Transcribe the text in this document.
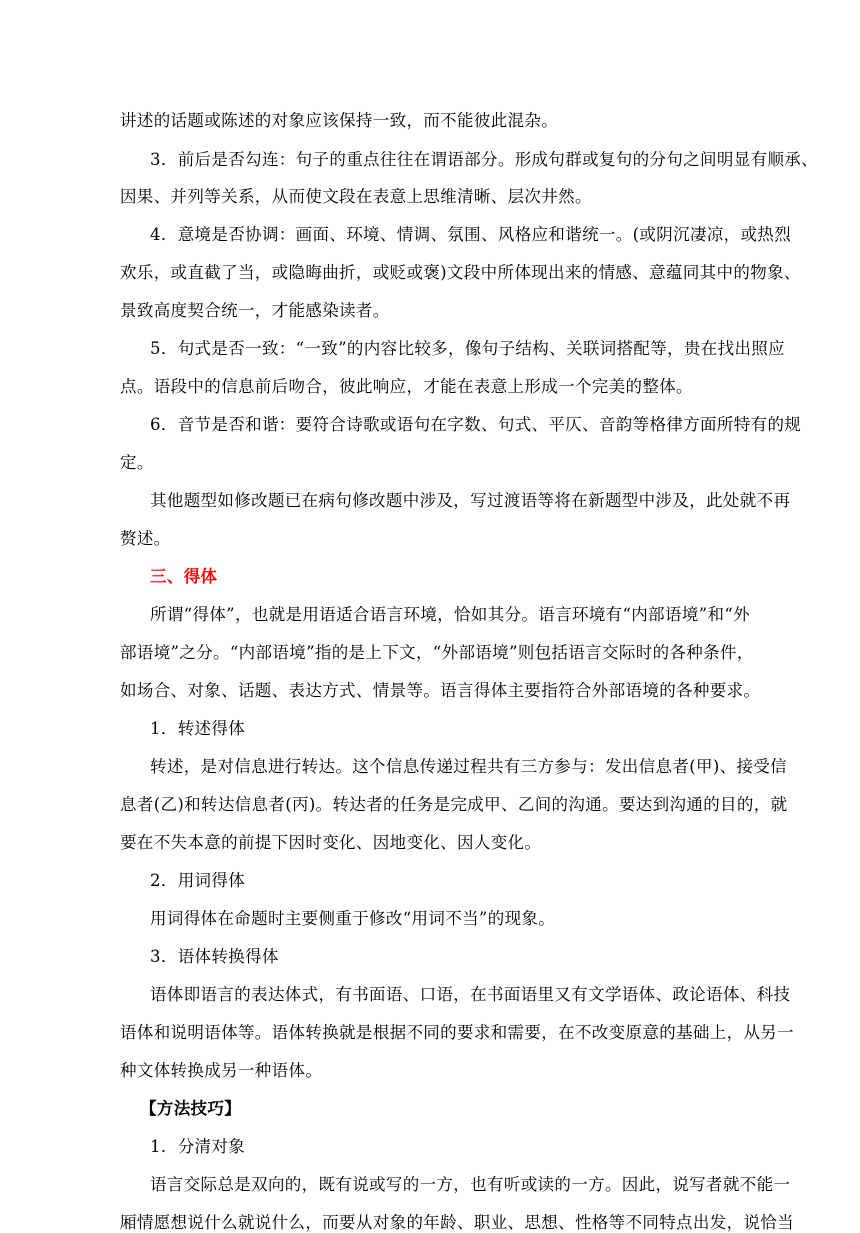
讲述的话题或陈述的对象应该保持一致，而不能彼此混杂。
3．前后是否勾连：句子的重点往往在谓语部分。形成句群或复句的分句之间明显有顺承、
因果、并列等关系，从而使文段在表意上思维清晰、层次井然。
4．意境是否协调：画面、环境、情调、氛围、风格应和谐统一。(或阴沉凄凉，或热烈
欢乐，或直截了当，或隐晦曲折，或贬或褒)文段中所体现出来的情感、意蕴同其中的物象、
景致高度契合统一，才能感染读者。
5．句式是否一致：“一致”的内容比较多，像句子结构、关联词搭配等，贵在找出照应
点。语段中的信息前后吻合，彼此响应，才能在表意上形成一个完美的整体。
6．音节是否和谐：要符合诗歌或语句在字数、句式、平仄、音韵等格律方面所特有的规
定。
其他题型如修改题已在病句修改题中涉及，写过渡语等将在新题型中涉及，此处就不再
赘述。
三、得体
所谓“得体”，也就是用语适合语言环境，恰如其分。语言环境有“内部语境”和“外
部语境”之分。“内部语境”指的是上下文，“外部语境”则包括语言交际时的各种条件，
如场合、对象、话题、表达方式、情景等。语言得体主要指符合外部语境的各种要求。
1．转述得体
转述，是对信息进行转达。这个信息传递过程共有三方参与：发出信息者(甲)、接受信
息者(乙)和转达信息者(丙)。转达者的任务是完成甲、乙间的沟通。要达到沟通的目的，就
要在不失本意的前提下因时变化、因地变化、因人变化。
2．用词得体
用词得体在命题时主要侧重于修改“用词不当”的现象。
3．语体转换得体
语体即语言的表达体式，有书面语、口语，在书面语里又有文学语体、政论语体、科技
语体和说明语体等。语体转换就是根据不同的要求和需要，在不改变原意的基础上，从另一
种文体转换成另一种语体。
【方法技巧】
1．分清对象
语言交际总是双向的，既有说或写的一方，也有听或读的一方。因此，说写者就不能一
厢情愿想说什么就说什么，而要从对象的年龄、职业、思想、性格等不同特点出发，说恰当
